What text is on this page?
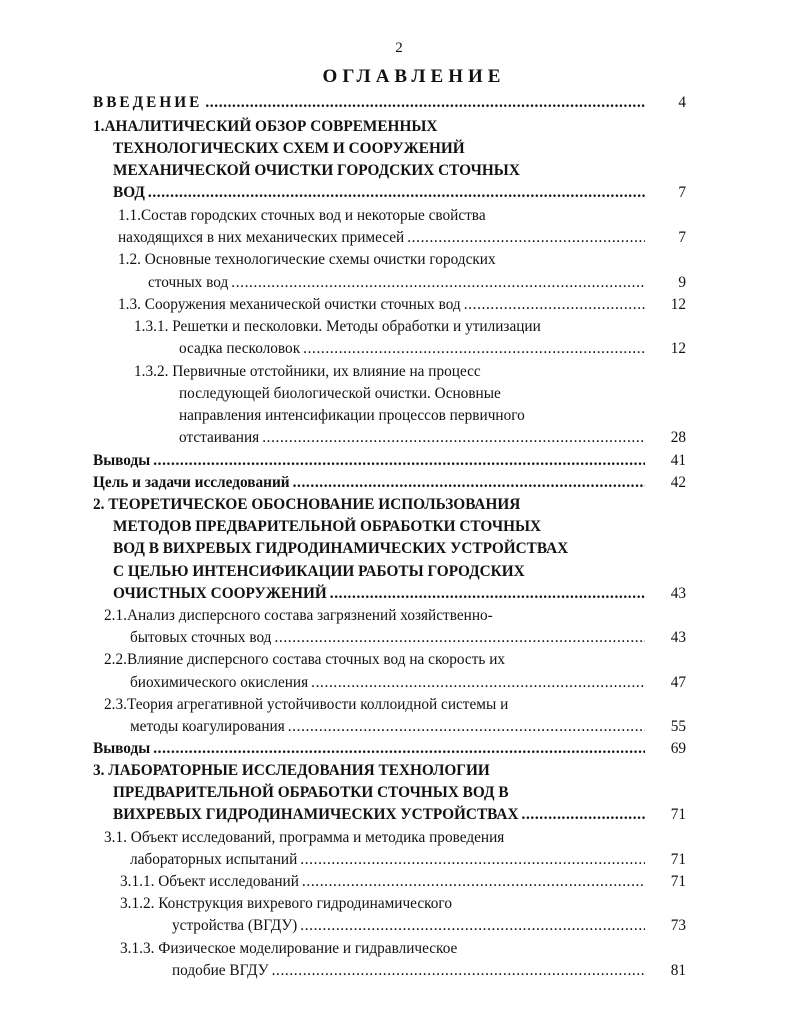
2
ОГЛАВЛЕНИЕ
ВВЕДЕНИЕ . . .	4
1.АНАЛИТИЧЕСКИЙ ОБЗОР СОВРЕМЕННЫХ
ТЕХНОЛОГИЧЕСКИХ СХЕМ И СООРУЖЕНИЙ
МЕХАНИЧЕСКОЙ ОЧИСТКИ ГОРОДСКИХ СТОЧНЫХ
ВОД . . .	7
1.1.Состав городских сточных вод и некоторые свойства
находящихся в них механических примесей . . .	7
1.2. Основные технологические схемы очистки городских
сточных вод . . .	9
1.3. Сооружения механической очистки сточных вод . . .	12
1.3.1. Решетки и песколовки. Методы обработки и утилизации
осадка песколовок . . .	12
1.3.2. Первичные отстойники, их влияние на процесс
последующей биологической очистки. Основные
направления интенсификации процессов первичного
отстаивания . . .	28
Выводы . . .	41
Цель и задачи исследований . . .	42
2. ТЕОРЕТИЧЕСКОЕ ОБОСНОВАНИЕ ИСПОЛЬЗОВАНИЯ
МЕТОДОВ ПРЕДВАРИТЕЛЬНОЙ ОБРАБОТКИ СТОЧНЫХ
ВОД В ВИХРЕВЫХ ГИДРОДИНАМИЧЕСКИХ УСТРОЙСТВАХ
С ЦЕЛЬЮ ИНТЕНСИФИКАЦИИ РАБОТЫ ГОРОДСКИХ
ОЧИСТНЫХ СООРУЖЕНИЙ . . .	43
2.1.Анализ дисперсного состава загрязнений хозяйственно-
бытовых сточных вод . . .	43
2.2.Влияние дисперсного состава сточных вод на скорость их
биохимического окисления . . .	47
2.3.Теория агрегативной устойчивости коллоидной системы и
методы коагулирования . . .	55
Выводы . . .	69
3. ЛАБОРАТОРНЫЕ ИССЛЕДОВАНИЯ ТЕХНОЛОГИИ
ПРЕДВАРИТЕЛЬНОЙ ОБРАБОТКИ СТОЧНЫХ ВОД В
ВИХРЕВЫХ ГИДРОДИНАМИЧЕСКИХ УСТРОЙСТВАХ . . .	71
3.1. Объект исследований, программа и методика проведения
лабораторных испытаний . . .	71
3.1.1. Объект исследований . . .	71
3.1.2. Конструкция вихревого гидродинамического
устройства (ВГДУ) . . .	73
3.1.3. Физическое моделирование и гидравлическое
подобие ВГДУ . . .	81
